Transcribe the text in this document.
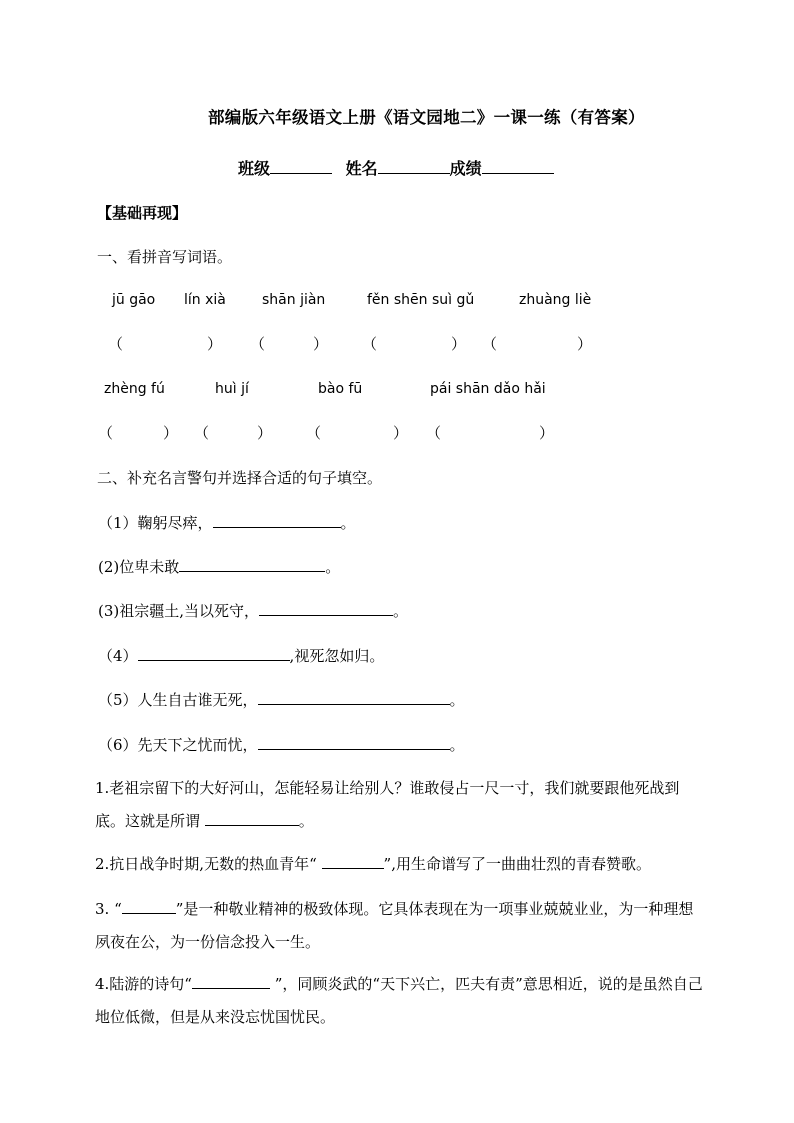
部编版六年级语文上册《语文园地二》一课一练（有答案）
班级	姓名	成绩
【基础再现】
一、看拼音写词语。
jū gāo lín xià	shān jiàn	fěn shēn suì gǔ	zhuàng liè
（	） （	） （	） （	）
zhèng fú	huì jí	bào fū	pái shān dǎo hǎi
（	） （	） （	） （	）
二、补充名言警句并选择合适的句子填空。
（1）鞠躬尽瘁，	。
(2)位卑未敢	。
(3)祖宗疆土,当以死守，	。
（4）	,视死忽如归。
（5）人生自古谁无死，	。
（6）先天下之忧而忧，	。

1.老祖宗留下的大好河山，怎能轻易让给别人？谁敢侵占一尺一寸，我们就要跟他死战到底。这就是所谓	。

2.抗日战争时期,无数的热血青年“	”,用生命谱写了一曲曲壮烈的青春赞歌。

3. “	”是一种敬业精神的极致体现。它具体表现在为一项事业兢兢业业，为一种理想夙夜在公，为一份信念投入一生。

4.陆游的诗句“	”，同顾炎武的“天下兴亡，匹夫有责”意思相近，说的是虽然自己地位低微，但是从来没忘忧国忧民。
